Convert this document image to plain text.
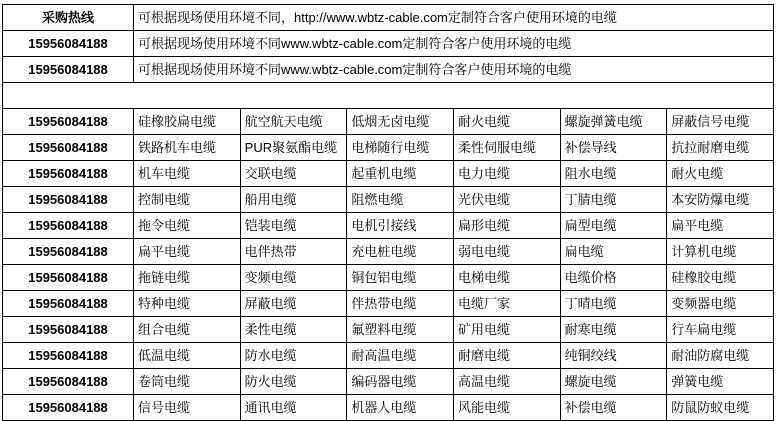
采购热线	可根据现场使用环境不同，http://www.wbtz-cable.com定制符合客户使用环境的电缆					
15956084188	可根据现场使用环境不同www.wbtz-cable.com定制符合客户使用环境的电缆					
15956084188	可根据现场使用环境不同www.wbtz-cable.com定制符合客户使用环境的电缆					

15956084188	硅橡胶扁电缆	航空航天电缆	低烟无卤电缆	耐火电缆	螺旋弹簧电缆	屏蔽信号电缆
15956084188	铁路机车电缆	PUR聚氨酯电缆	电梯随行电缆	柔性伺服电缆	补偿导线	抗拉耐磨电缆
15956084188	机车电缆	交联电缆	起重机电缆	电力电缆	阻水电缆	耐火电缆
15956084188	控制电缆	船用电缆	阻燃电缆	光伏电缆	丁腈电缆	本安防爆电缆
15956084188	拖令电缆	铠装电缆	电机引接线	扁形电缆	扁型电缆	扁平电缆
15956084188	扁平电缆	电伴热带	充电桩电缆	弱电电缆	扁电缆	计算机电缆
15956084188	拖链电缆	变频电缆	铜包铝电缆	电梯电缆	电缆价格	硅橡胶电缆
15956084188	特种电缆	屏蔽电缆	伴热带电缆	电缆厂家	丁晴电缆	变频器电缆
15956084188	组合电缆	柔性电缆	氟塑料电缆	矿用电缆	耐寒电缆	行车扁电缆
15956084188	低温电缆	防水电缆	耐高温电缆	耐磨电缆	纯铜绞线	耐油防腐电缆
15956084188	卷筒电缆	防火电缆	编码器电缆	高温电缆	螺旋电缆	弹簧电缆
15956084188	信号电缆	通讯电缆	机器人电缆	风能电缆	补偿电缆	防鼠防蚁电缆
